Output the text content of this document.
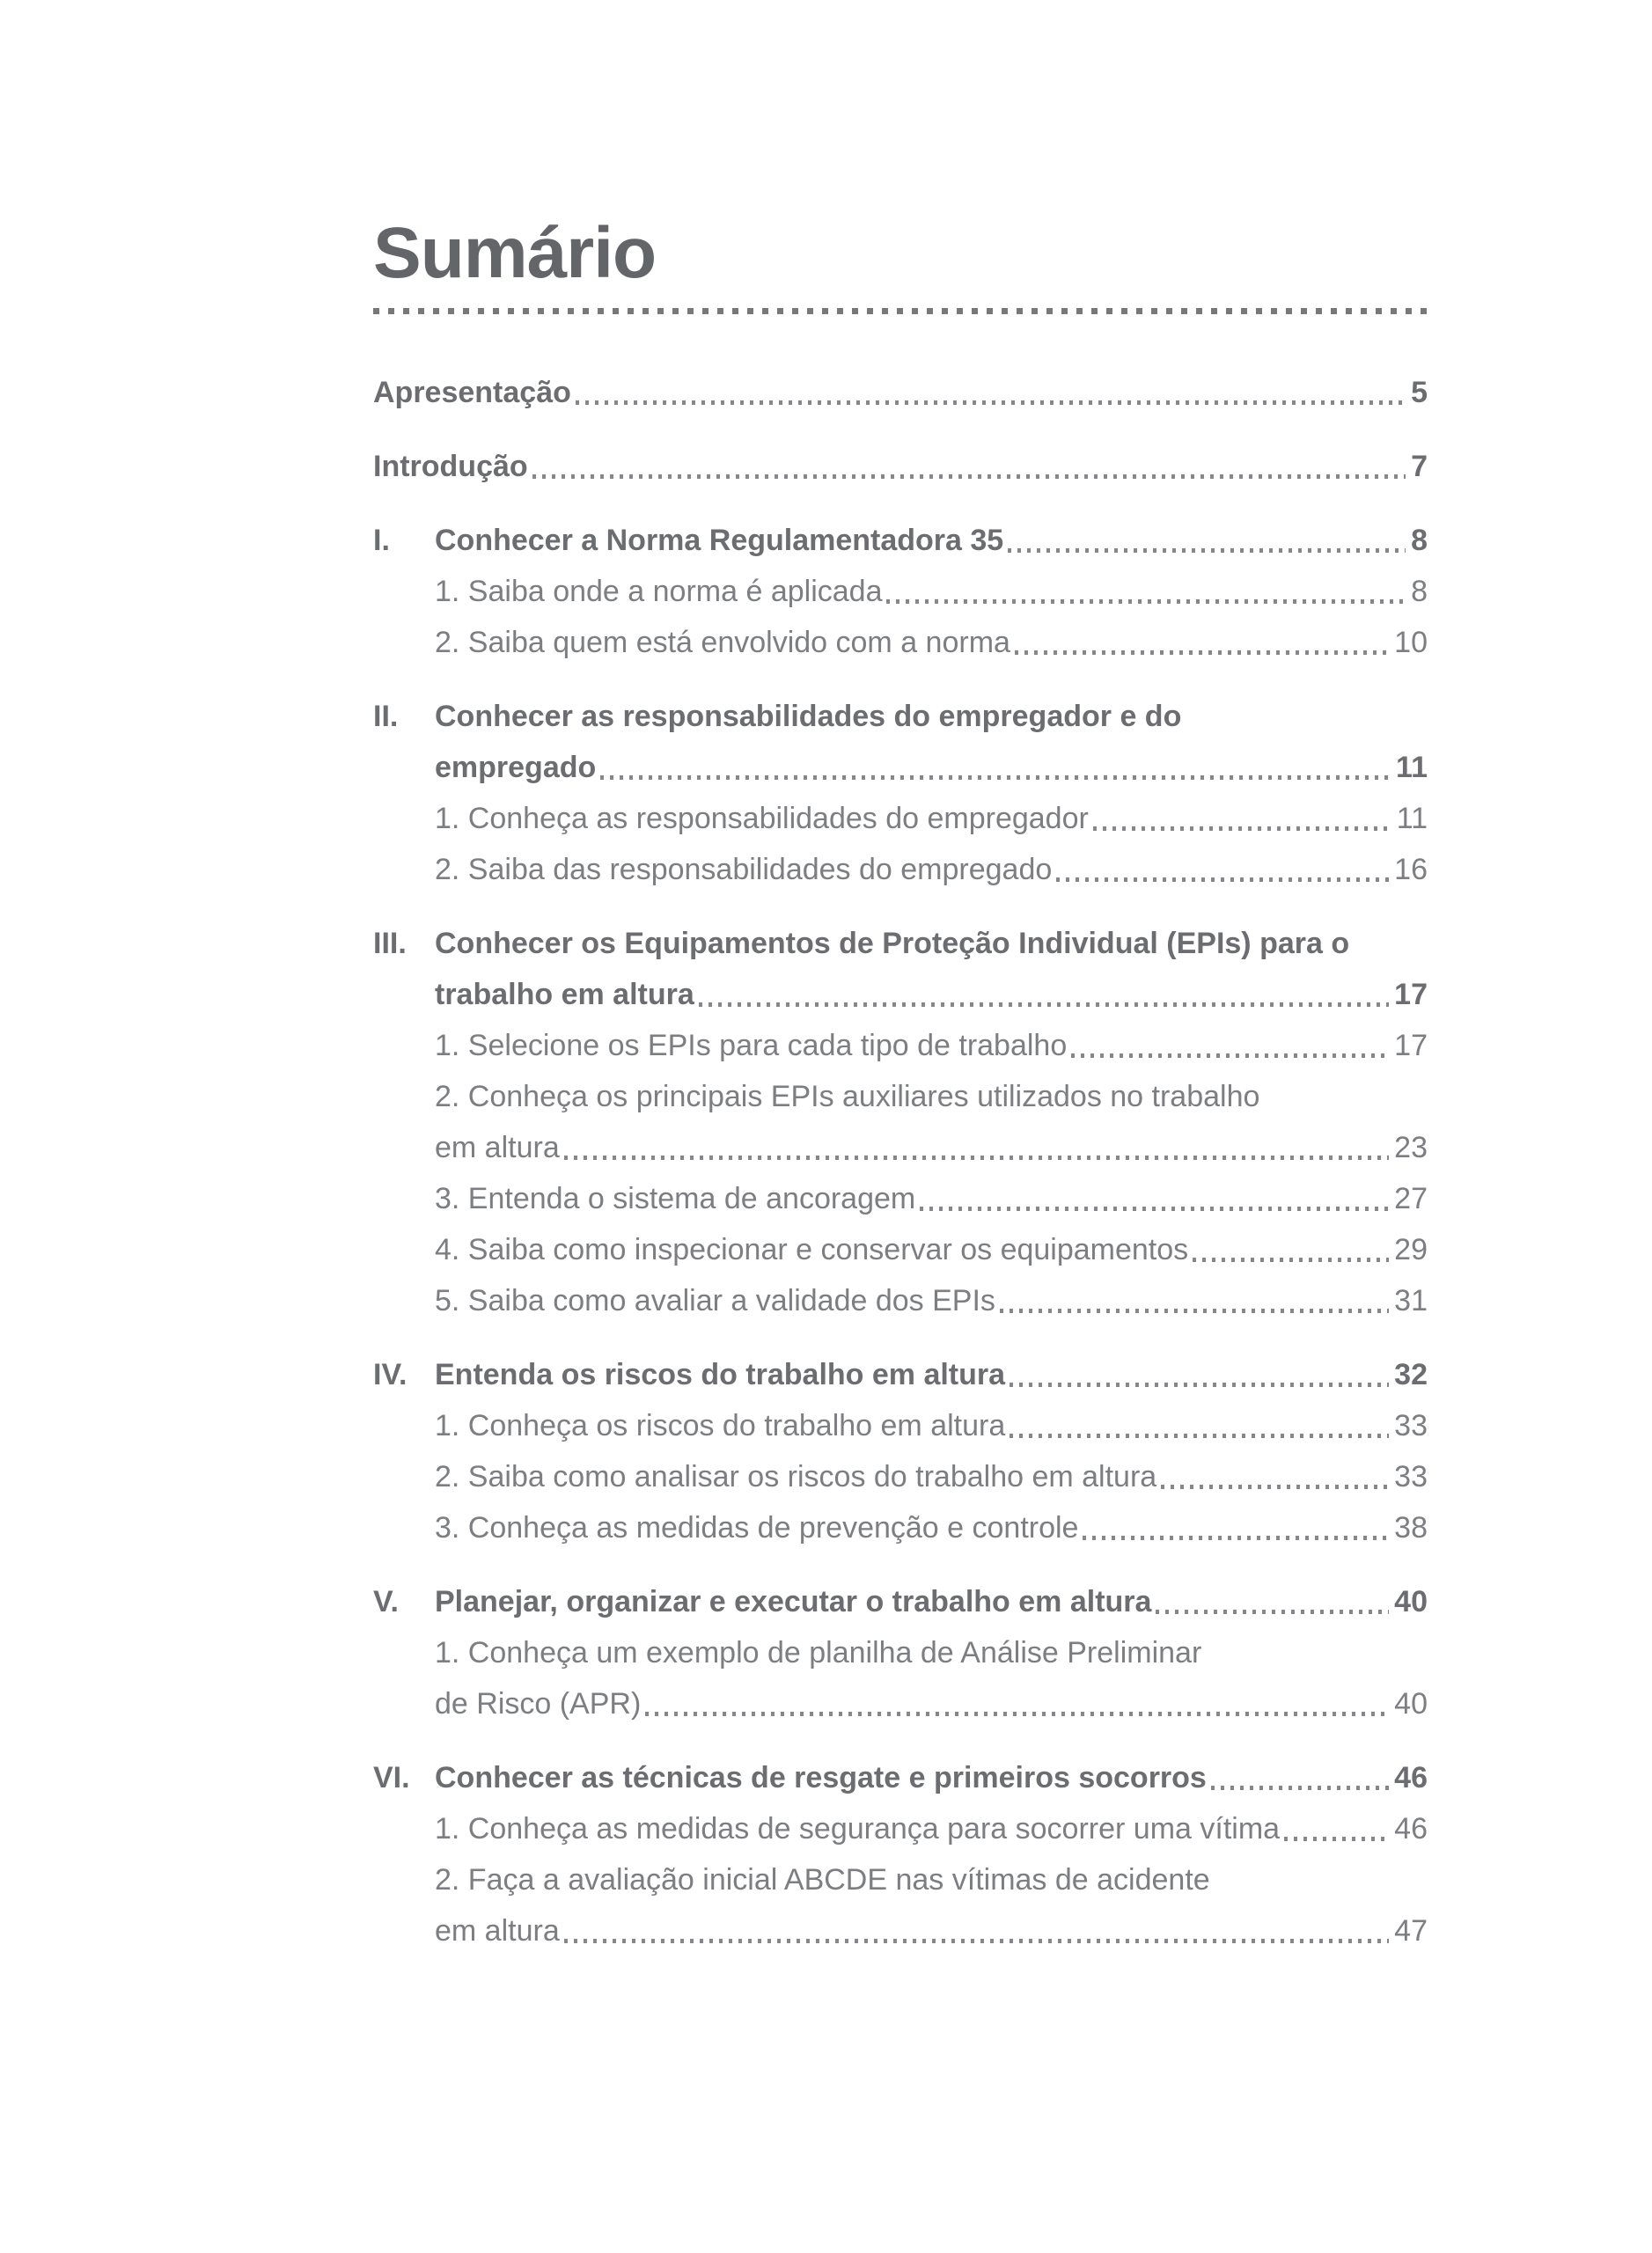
Sumário
Apresentação	5
Introdução	7
I.	Conhecer a Norma Regulamentadora 35	8
1. Saiba onde a norma é aplicada	8
2. Saiba quem está envolvido com a norma	10
II.	Conhecer as responsabilidades do empregador e do
empregado	11
1. Conheça as responsabilidades do empregador	11
2. Saiba das responsabilidades do empregado	16
III. Conhecer os Equipamentos de Proteção Individual (EPIs) para o
trabalho em altura	17
1. Selecione os EPIs para cada tipo de trabalho	17
2. Conheça os principais EPIs auxiliares utilizados no trabalho
em altura	23
3. Entenda o sistema de ancoragem	27
4. Saiba como inspecionar e conservar os equipamentos	29
5. Saiba como avaliar a validade dos EPIs	31
IV. Entenda os riscos do trabalho em altura	32
1. Conheça os riscos do trabalho em altura	33
2. Saiba como analisar os riscos do trabalho em altura	33
3. Conheça as medidas de prevenção e controle	38
V.	Planejar, organizar e executar o trabalho em altura	40
1. Conheça um exemplo de planilha de Análise Preliminar
de Risco (APR)	40
VI. Conhecer as técnicas de resgate e primeiros socorros	46
1. Conheça as medidas de segurança para socorrer uma vítima	46
2. Faça a avaliação inicial ABCDE nas vítimas de acidente
em altura	47
